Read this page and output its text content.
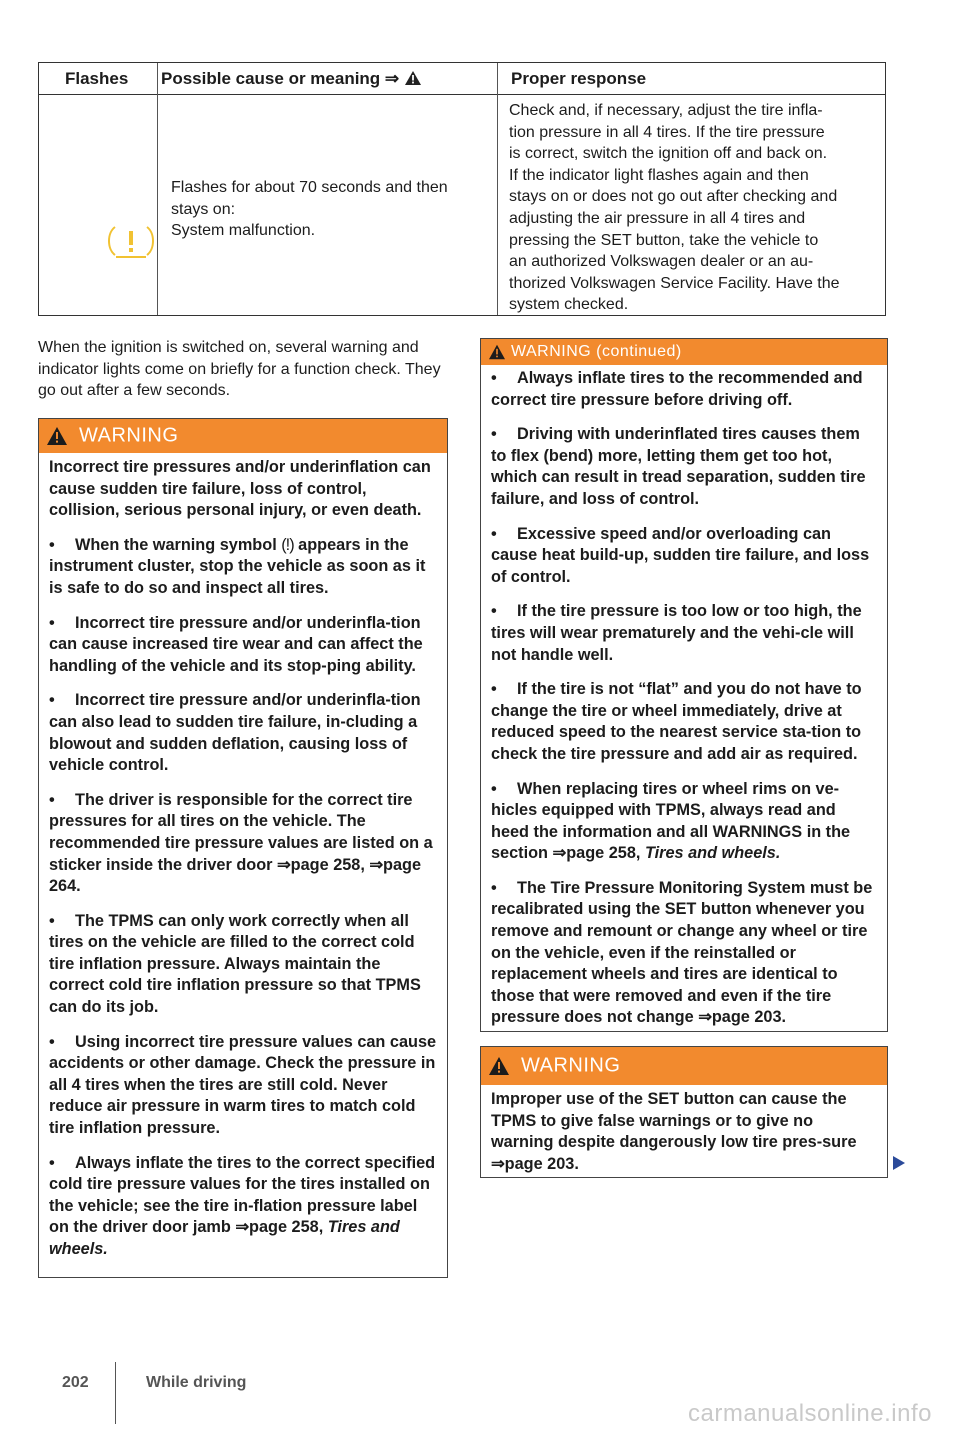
Flashes Possible cause or meaning ⇒	Proper response
Flashes for about 70 seconds and then
stays on:
System malfunction.
Check and, if necessary, adjust the tire infla-
tion pressure in all 4 tires. If the tire pressure
is correct, switch the ignition off and back on.
If the indicator light flashes again and then
stays on or does not go out after checking and
adjusting the air pressure in all 4 tires and
pressing the SET button, take the vehicle to
an authorized Volkswagen dealer or an au-
thorized Volkswagen Service Facility. Have the
system checked.
When the ignition is switched on, several warning and indicator lights come on briefly for a function check. They go out after a few seconds.
WARNING

Incorrect tire pressures and/or underinflation can cause sudden tire failure, loss of control, collision, serious personal injury, or even death.

• When the warning symbol (!) appears in the instrument cluster, stop the vehicle as soon as it is safe to do so and inspect all tires.

• Incorrect tire pressure and/or underinfla-tion can cause increased tire wear and can affect the handling of the vehicle and its stop-ping ability.

• Incorrect tire pressure and/or underinfla-tion can also lead to sudden tire failure, in-cluding a blowout and sudden deflation, causing loss of vehicle control.

• The driver is responsible for the correct tire pressures for all tires on the vehicle. The recommended tire pressure values are listed on a sticker inside the driver door ⇒page 258, ⇒page 264.

• The TPMS can only work correctly when all tires on the vehicle are filled to the correct cold tire inflation pressure. Always maintain the correct cold tire inflation pressure so that TPMS can do its job.

• Using incorrect tire pressure values can cause accidents or other damage. Check the pressure in all 4 tires when the tires are still cold. Never reduce air pressure in warm tires to match cold tire inflation pressure.

• Always inflate the tires to the correct specified cold tire pressure values for the tires installed on the vehicle; see the tire in-flation pressure label on the driver door jamb ⇒page 258, Tires and wheels.

WARNING (continued)

• Always inflate tires to the recommended and correct tire pressure before driving off.

• Driving with underinflated tires causes them to flex (bend) more, letting them get too hot, which can result in tread separation, sudden tire failure, and loss of control.

• Excessive speed and/or overloading can cause heat build-up, sudden tire failure, and loss of control.

• If the tire pressure is too low or too high, the tires will wear prematurely and the vehi-cle will not handle well.

• If the tire is not “flat” and you do not have to change the tire or wheel immediately, drive at reduced speed to the nearest service sta-tion to check the tire pressure and add air as required.

• When replacing tires or wheel rims on ve-hicles equipped with TPMS, always read and heed the information and all WARNINGS in the section ⇒page 258, Tires and wheels.

• The Tire Pressure Monitoring System must be recalibrated using the SET button whenever you remove and remount or change any wheel or tire on the vehicle, even if the reinstalled or replacement wheels and tires are identical to those that were removed and even if the tire pressure does not change ⇒page 203.

WARNING

Improper use of the SET button can cause the TPMS to give false warnings or to give no warning despite dangerously low tire pres-sure ⇒page 203.

202	While driving
carmanualsonline.info
